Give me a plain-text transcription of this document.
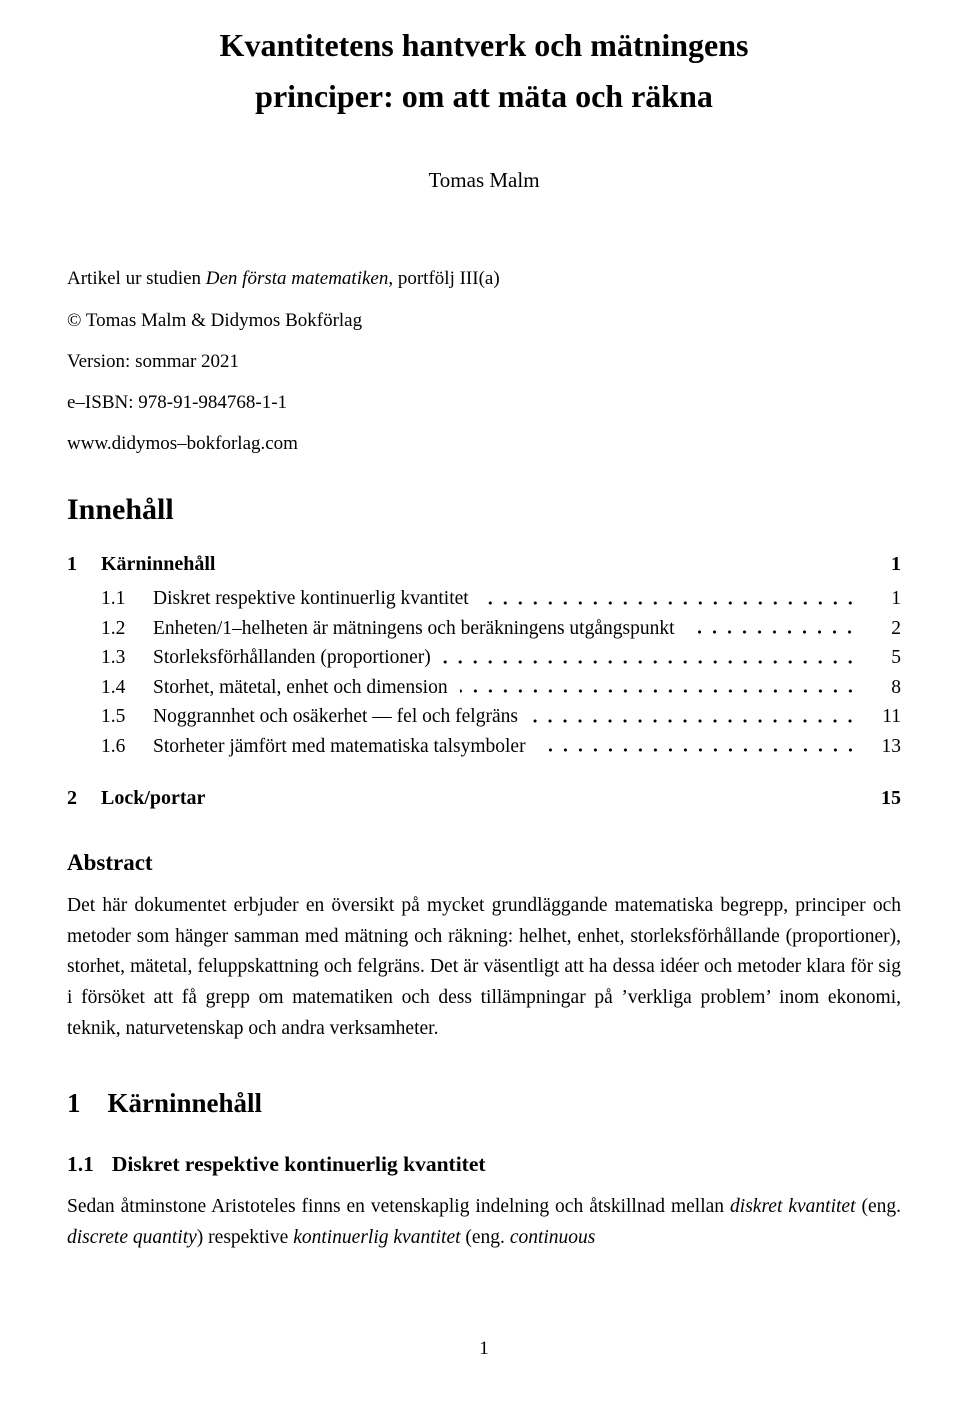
Kvantitetens hantverk och mätningens
principer: om att mäta och räkna
Tomas Malm

Artikel ur studien Den första matematiken, portfölj III(a)

© Tomas Malm & Didymos Bokförlag

Version: sommar 2021

e–ISBN: 978-91-984768-1-1

www.didymos–bokforlag.com

Innehåll
1	Kärninnehåll	1
1.1	Diskret respektive kontinuerlig kvantitet	1
1.2	Enheten/1–helheten är mätningens och beräkningens utgångspunkt	2
1.3	Storleksförhållanden (proportioner)	5
1.4	Storhet, mätetal, enhet och dimension	8
1.5	Noggrannhet och osäkerhet — fel och felgräns	11
1.6	Storheter jämfört med matematiska talsymboler	13
2	Lock/portar	15
Abstract

Det här dokumentet erbjuder en översikt på mycket grundläggande matematiska begrepp, principer och metoder som hänger samman med mätning och räkning: helhet, enhet, storleksförhållande (proportioner), storhet, mätetal, feluppskattning och felgräns. Det är väsentligt att ha dessa idéer och metoder klara för sig i försöket att få grepp om matematiken och dess tillämpningar på ’verkliga problem’ inom ekonomi, teknik, naturvetenskap och andra verksamheter.

1 Kärninnehåll
1.1 Diskret respektive kontinuerlig kvantitet

Sedan åtminstone Aristoteles finns en vetenskaplig indelning och åtskillnad mellan diskret kvantitet (eng. discrete quantity) respektive kontinuerlig kvantitet (eng. continuous

1
